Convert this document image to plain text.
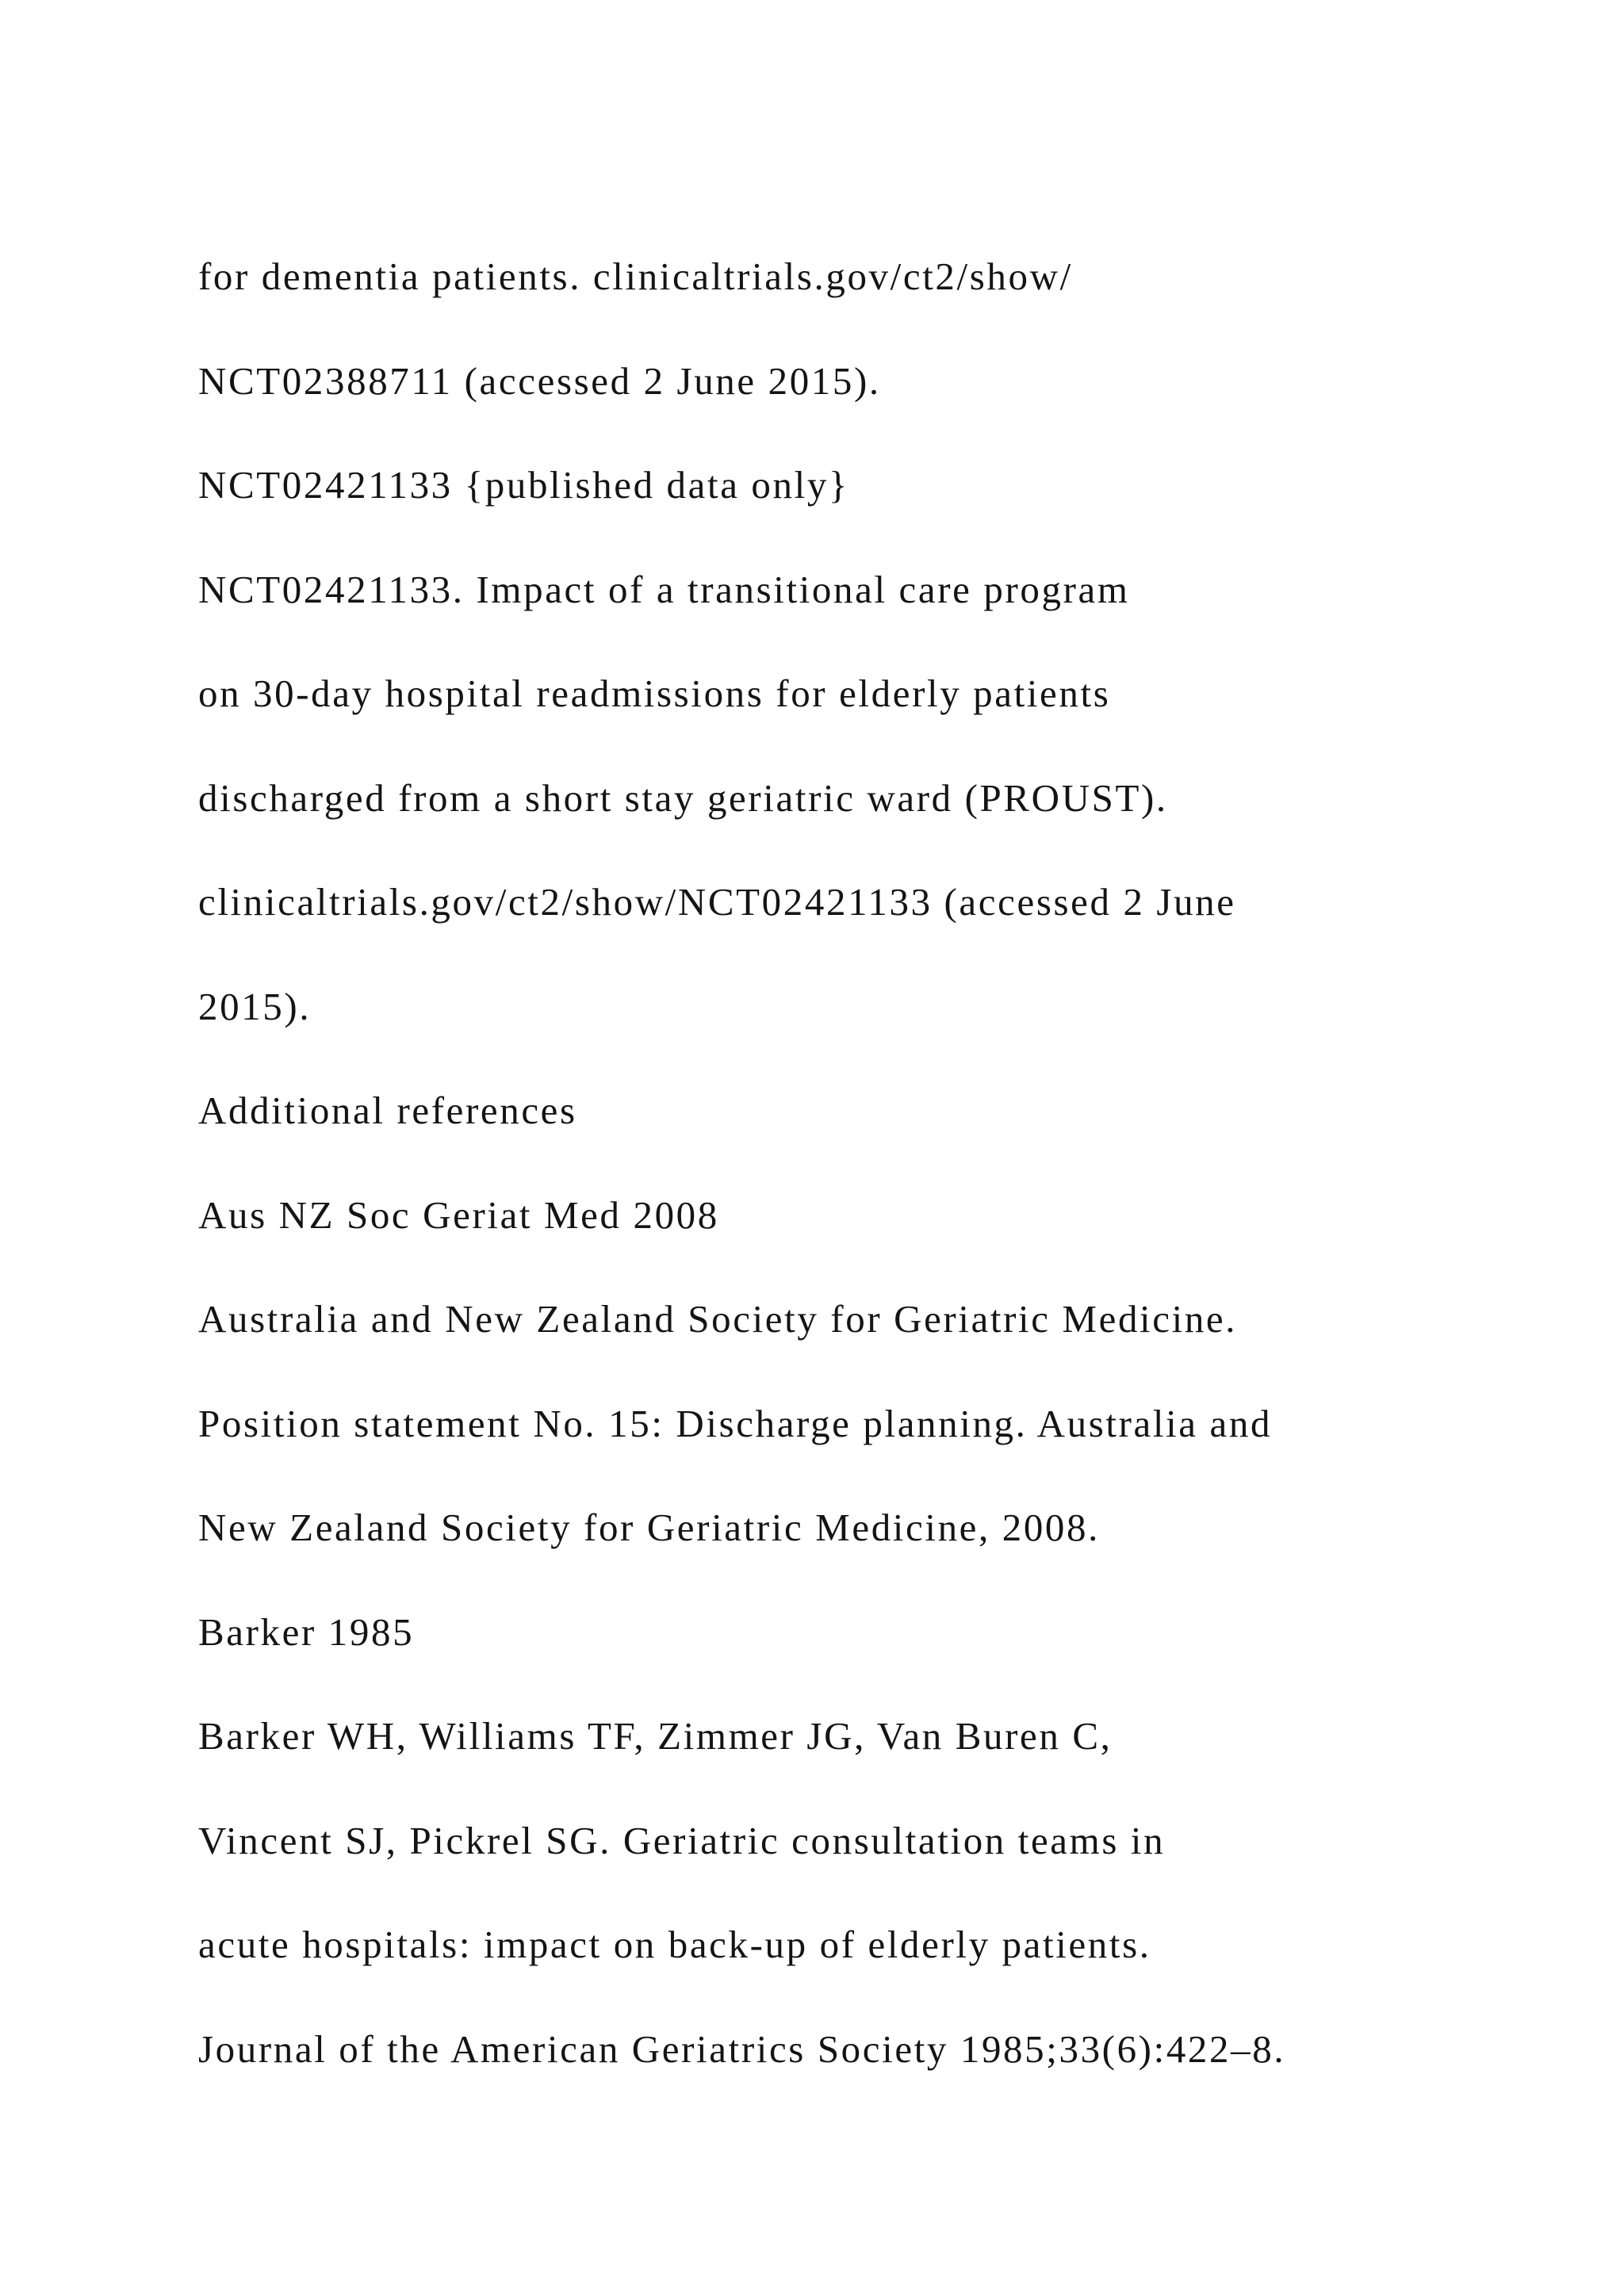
for dementia patients. clinicaltrials.gov/ct2/show/
NCT02388711 (accessed 2 June 2015).
NCT02421133 {published data only}
NCT02421133. Impact of a transitional care program
on 30-day hospital readmissions for elderly patients
discharged from a short stay geriatric ward (PROUST).
clinicaltrials.gov/ct2/show/NCT02421133 (accessed 2 June
2015).
Additional references
Aus NZ Soc Geriat Med 2008
Australia and New Zealand Society for Geriatric Medicine.
Position statement No. 15: Discharge planning. Australia and
New Zealand Society for Geriatric Medicine, 2008.
Barker 1985
Barker WH, Williams TF, Zimmer JG, Van Buren C,
Vincent SJ, Pickrel SG. Geriatric consultation teams in
acute hospitals: impact on back-up of elderly patients.
Journal of the American Geriatrics Society 1985;33(6):422–8.
